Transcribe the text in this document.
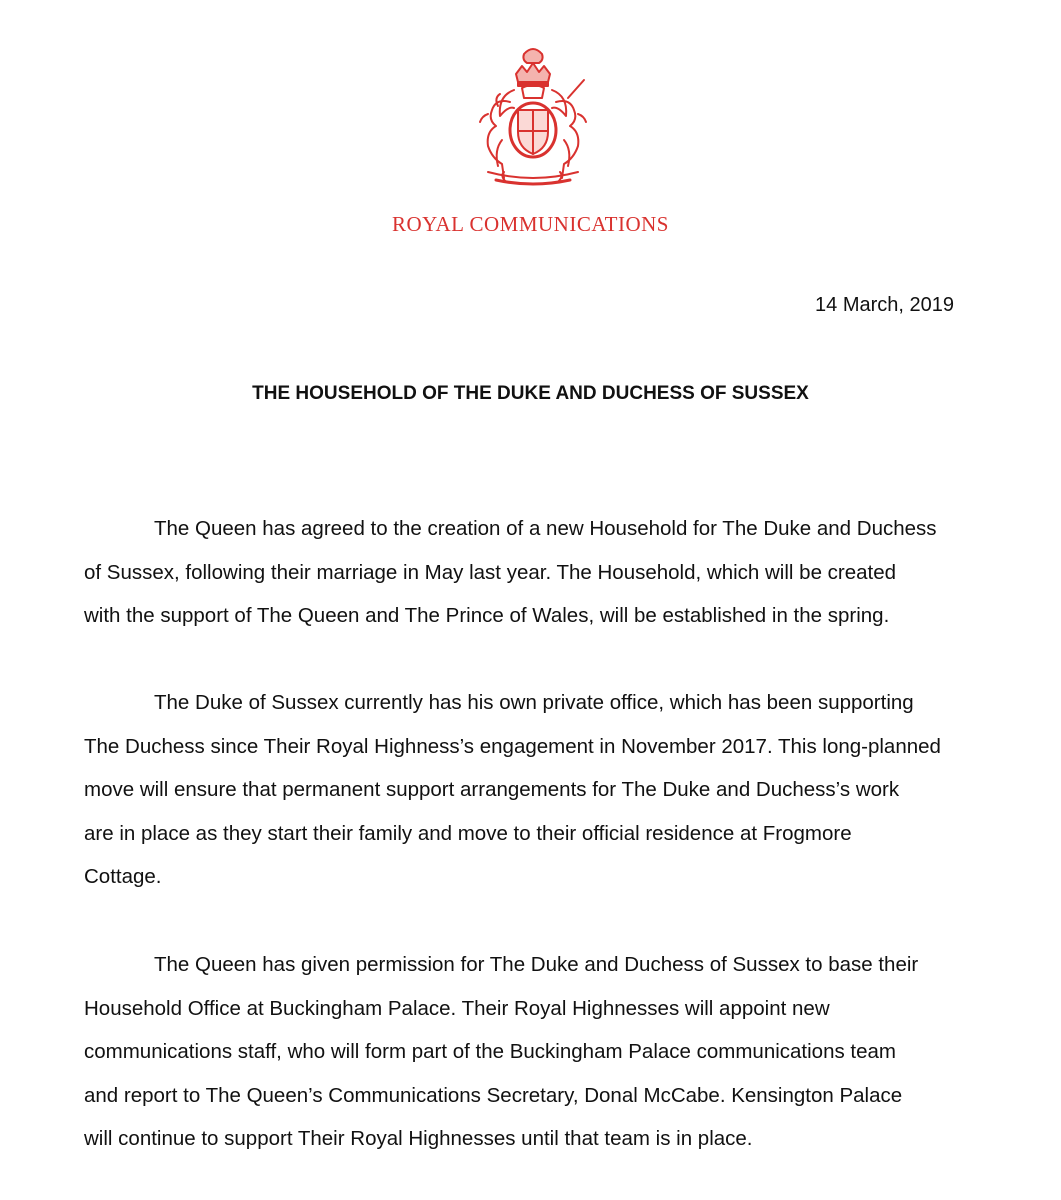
ROYAL COMMUNICATIONS
14 March, 2019
THE HOUSEHOLD OF THE DUKE AND DUCHESS OF SUSSEX

The Queen has agreed to the creation of a new Household for The Duke and Duchess
of Sussex, following their marriage in May last year. The Household, which will be created
with the support of The Queen and The Prince of Wales, will be established in the spring.

The Duke of Sussex currently has his own private office, which has been supporting
The Duchess since Their Royal Highness’s engagement in November 2017. This long-planned
move will ensure that permanent support arrangements for The Duke and Duchess’s work
are in place as they start their family and move to their official residence at Frogmore
Cottage.

The Queen has given permission for The Duke and Duchess of Sussex to base their
Household Office at Buckingham Palace. Their Royal Highnesses will appoint new
communications staff, who will form part of the Buckingham Palace communications team
and report to The Queen’s Communications Secretary, Donal McCabe. Kensington Palace
will continue to support Their Royal Highnesses until that team is in place.
